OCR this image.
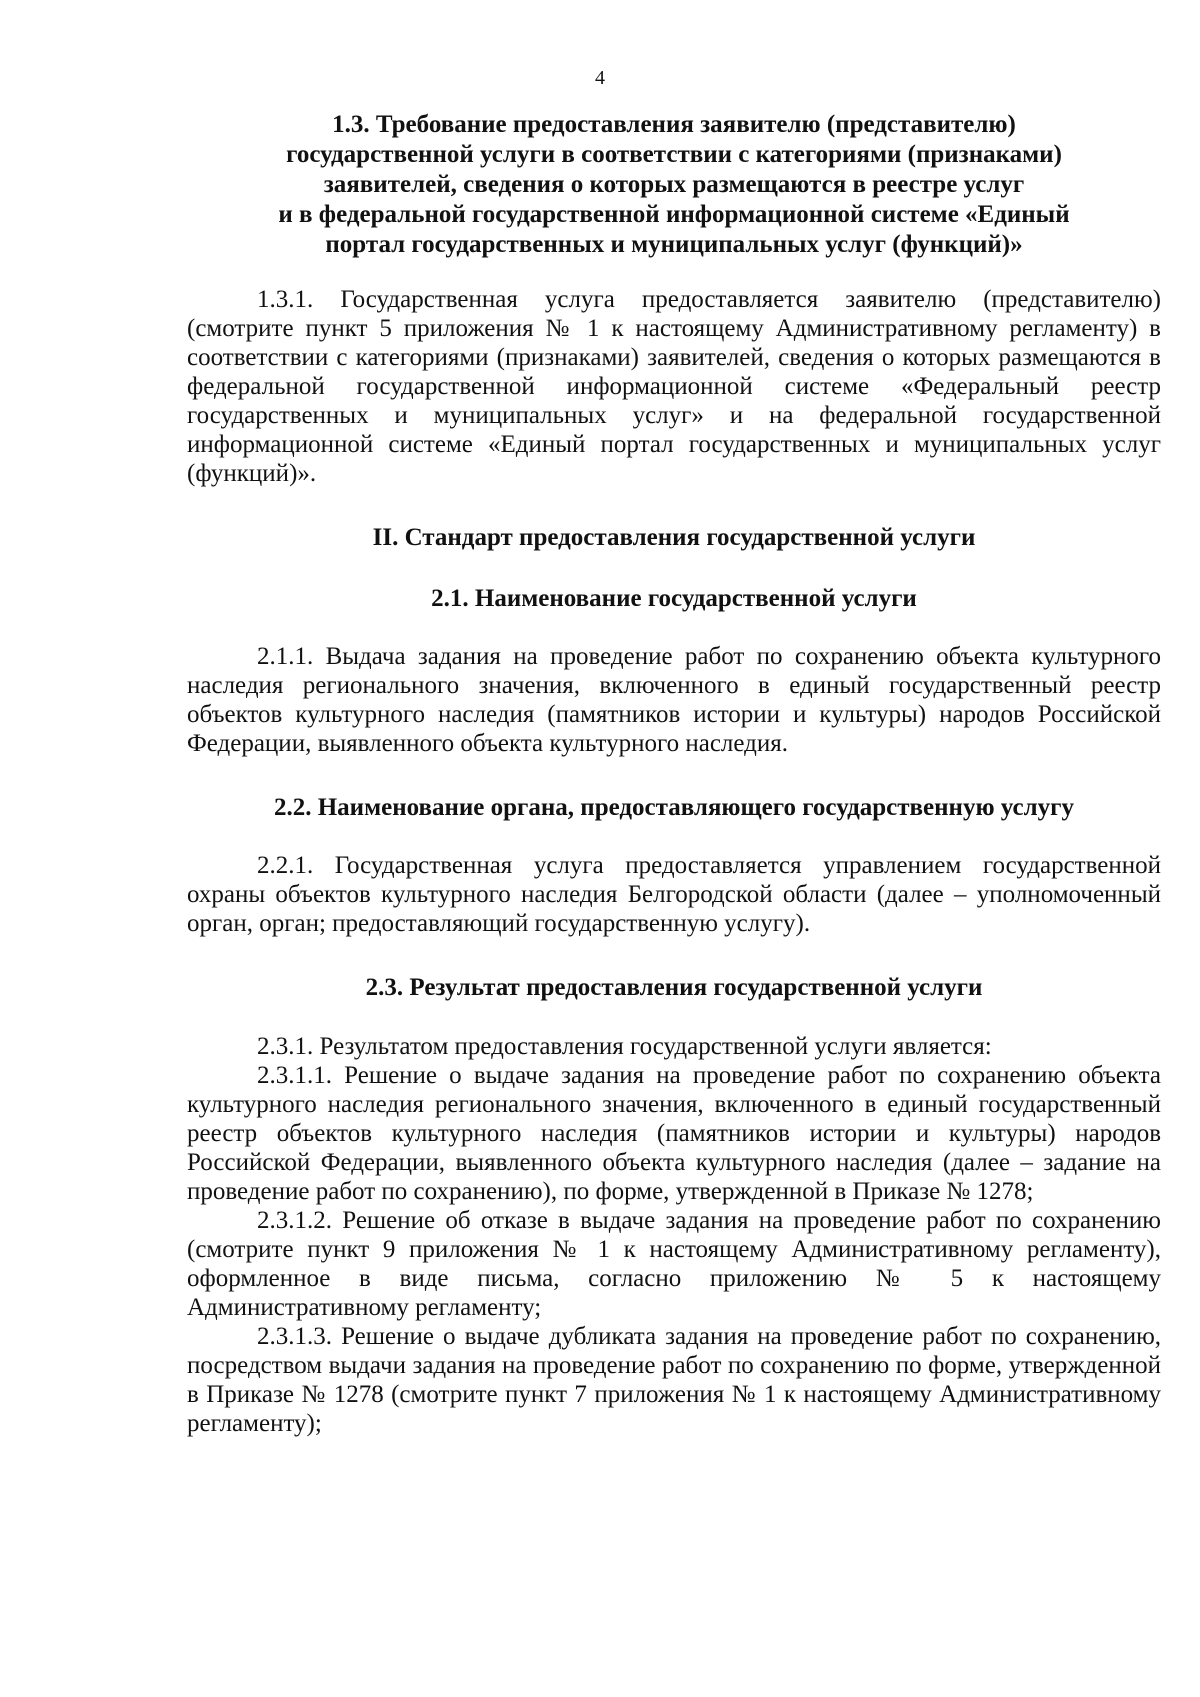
4
1.3. Требование предоставления заявителю (представителю)
государственной услуги в соответствии с категориями (признаками)
заявителей, сведения о которых размещаются в реестре услуг
и в федеральной государственной информационной системе «Единый
портал государственных и муниципальных услуг (функций)»

1.3.1. Государственная услуга предоставляется заявителю (представителю) (смотрите пункт 5 приложения № 1 к настоящему Административному регламенту) в соответствии с категориями (признаками) заявителей, сведения о которых размещаются в федеральной государственной информационной системе «Федеральный реестр государственных и муниципальных услуг» и на федеральной государственной информационной системе «Единый портал государственных и муниципальных услуг (функций)».

II. Стандарт предоставления государственной услуги
2.1. Наименование государственной услуги

2.1.1. Выдача задания на проведение работ по сохранению объекта культурного наследия регионального значения, включенного в единый государственный реестр объектов культурного наследия (памятников истории и культуры) народов Российской Федерации, выявленного объекта культурного наследия.

2.2. Наименование органа, предоставляющего государственную услугу

2.2.1. Государственная услуга предоставляется управлением государственной охраны объектов культурного наследия Белгородской области (далее – уполномоченный орган, орган; предоставляющий государственную услугу).

2.3. Результат предоставления государственной услуги

2.3.1. Результатом предоставления государственной услуги является:

2.3.1.1. Решение о выдаче задания на проведение работ по сохранению объекта культурного наследия регионального значения, включенного в единый государственный реестр объектов культурного наследия (памятников истории и культуры) народов Российской Федерации, выявленного объекта культурного наследия (далее – задание на проведение работ по сохранению), по форме, утвержденной в Приказе № 1278;

2.3.1.2. Решение об отказе в выдаче задания на проведение работ по сохранению (смотрите пункт 9 приложения № 1 к настоящему Административному регламенту), оформленное в виде письма, согласно приложению № 5 к настоящему Административному регламенту;

2.3.1.3. Решение о выдаче дубликата задания на проведение работ по сохранению, посредством выдачи задания на проведение работ по сохранению по форме, утвержденной в Приказе № 1278 (смотрите пункт 7 приложения № 1 к настоящему Административному регламенту);
